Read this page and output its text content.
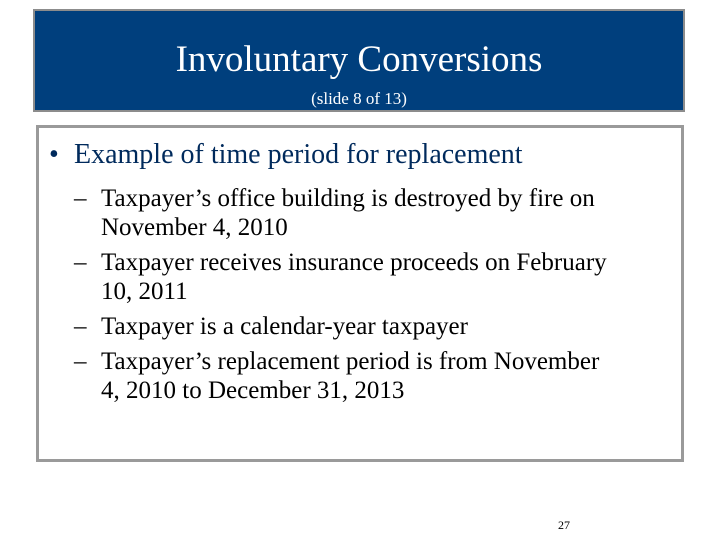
Involuntary Conversions
(slide 8 of 13)
• Example of time period for replacement
– Taxpayer’s office building is destroyed by fire on
November 4, 2010
– Taxpayer receives insurance proceeds on February
10, 2011
– Taxpayer is a calendar-year taxpayer
– Taxpayer’s replacement period is from November
4, 2010 to December 31, 2013
27
